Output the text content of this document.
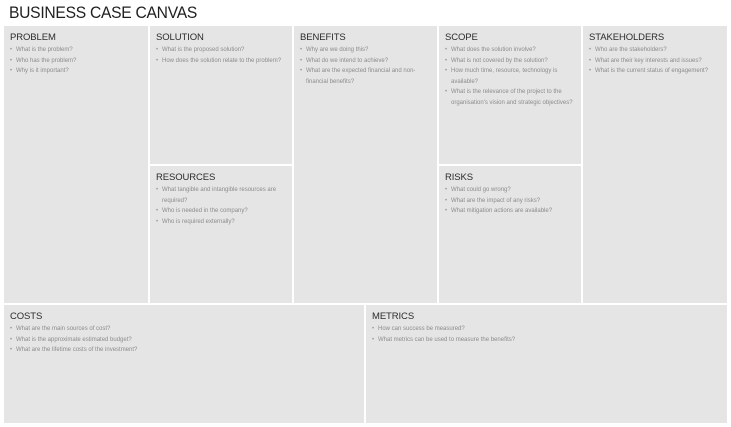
BUSINESS CASE CANVAS
PROBLEM
• What is the problem?
• Who has the problem?
• Why is it important?
SOLUTION
• What is the proposed solution?
• How does the solution relate to the problem?
RESOURCES
• What tangible and intangible resources are required?
• Who is needed in the company?
• Who is required externally?
BENEFITS
• Why are we doing this?
• What do we intend to achieve?
• What are the expected financial and non-financial benefits?
SCOPE
• What does the solution involve?
• What is not covered by the solution?
• How much time, resource, technology is available?
• What is the relevance of the project to the organisation's vision and strategic objectives?
RISKS
• What could go wrong?
• What are the impact of any risks?
• What mitigation actions are available?
STAKEHOLDERS
• Who are the stakeholders?
• What are their key interests and issues?
• What is the current status of engagement?
COSTS
• What are the main sources of cost?
• What is the approximate estimated budget?
• What are the lifetime costs of the investment?
METRICS
• How can success be measured?
• What metrics can be used to measure the benefits?
